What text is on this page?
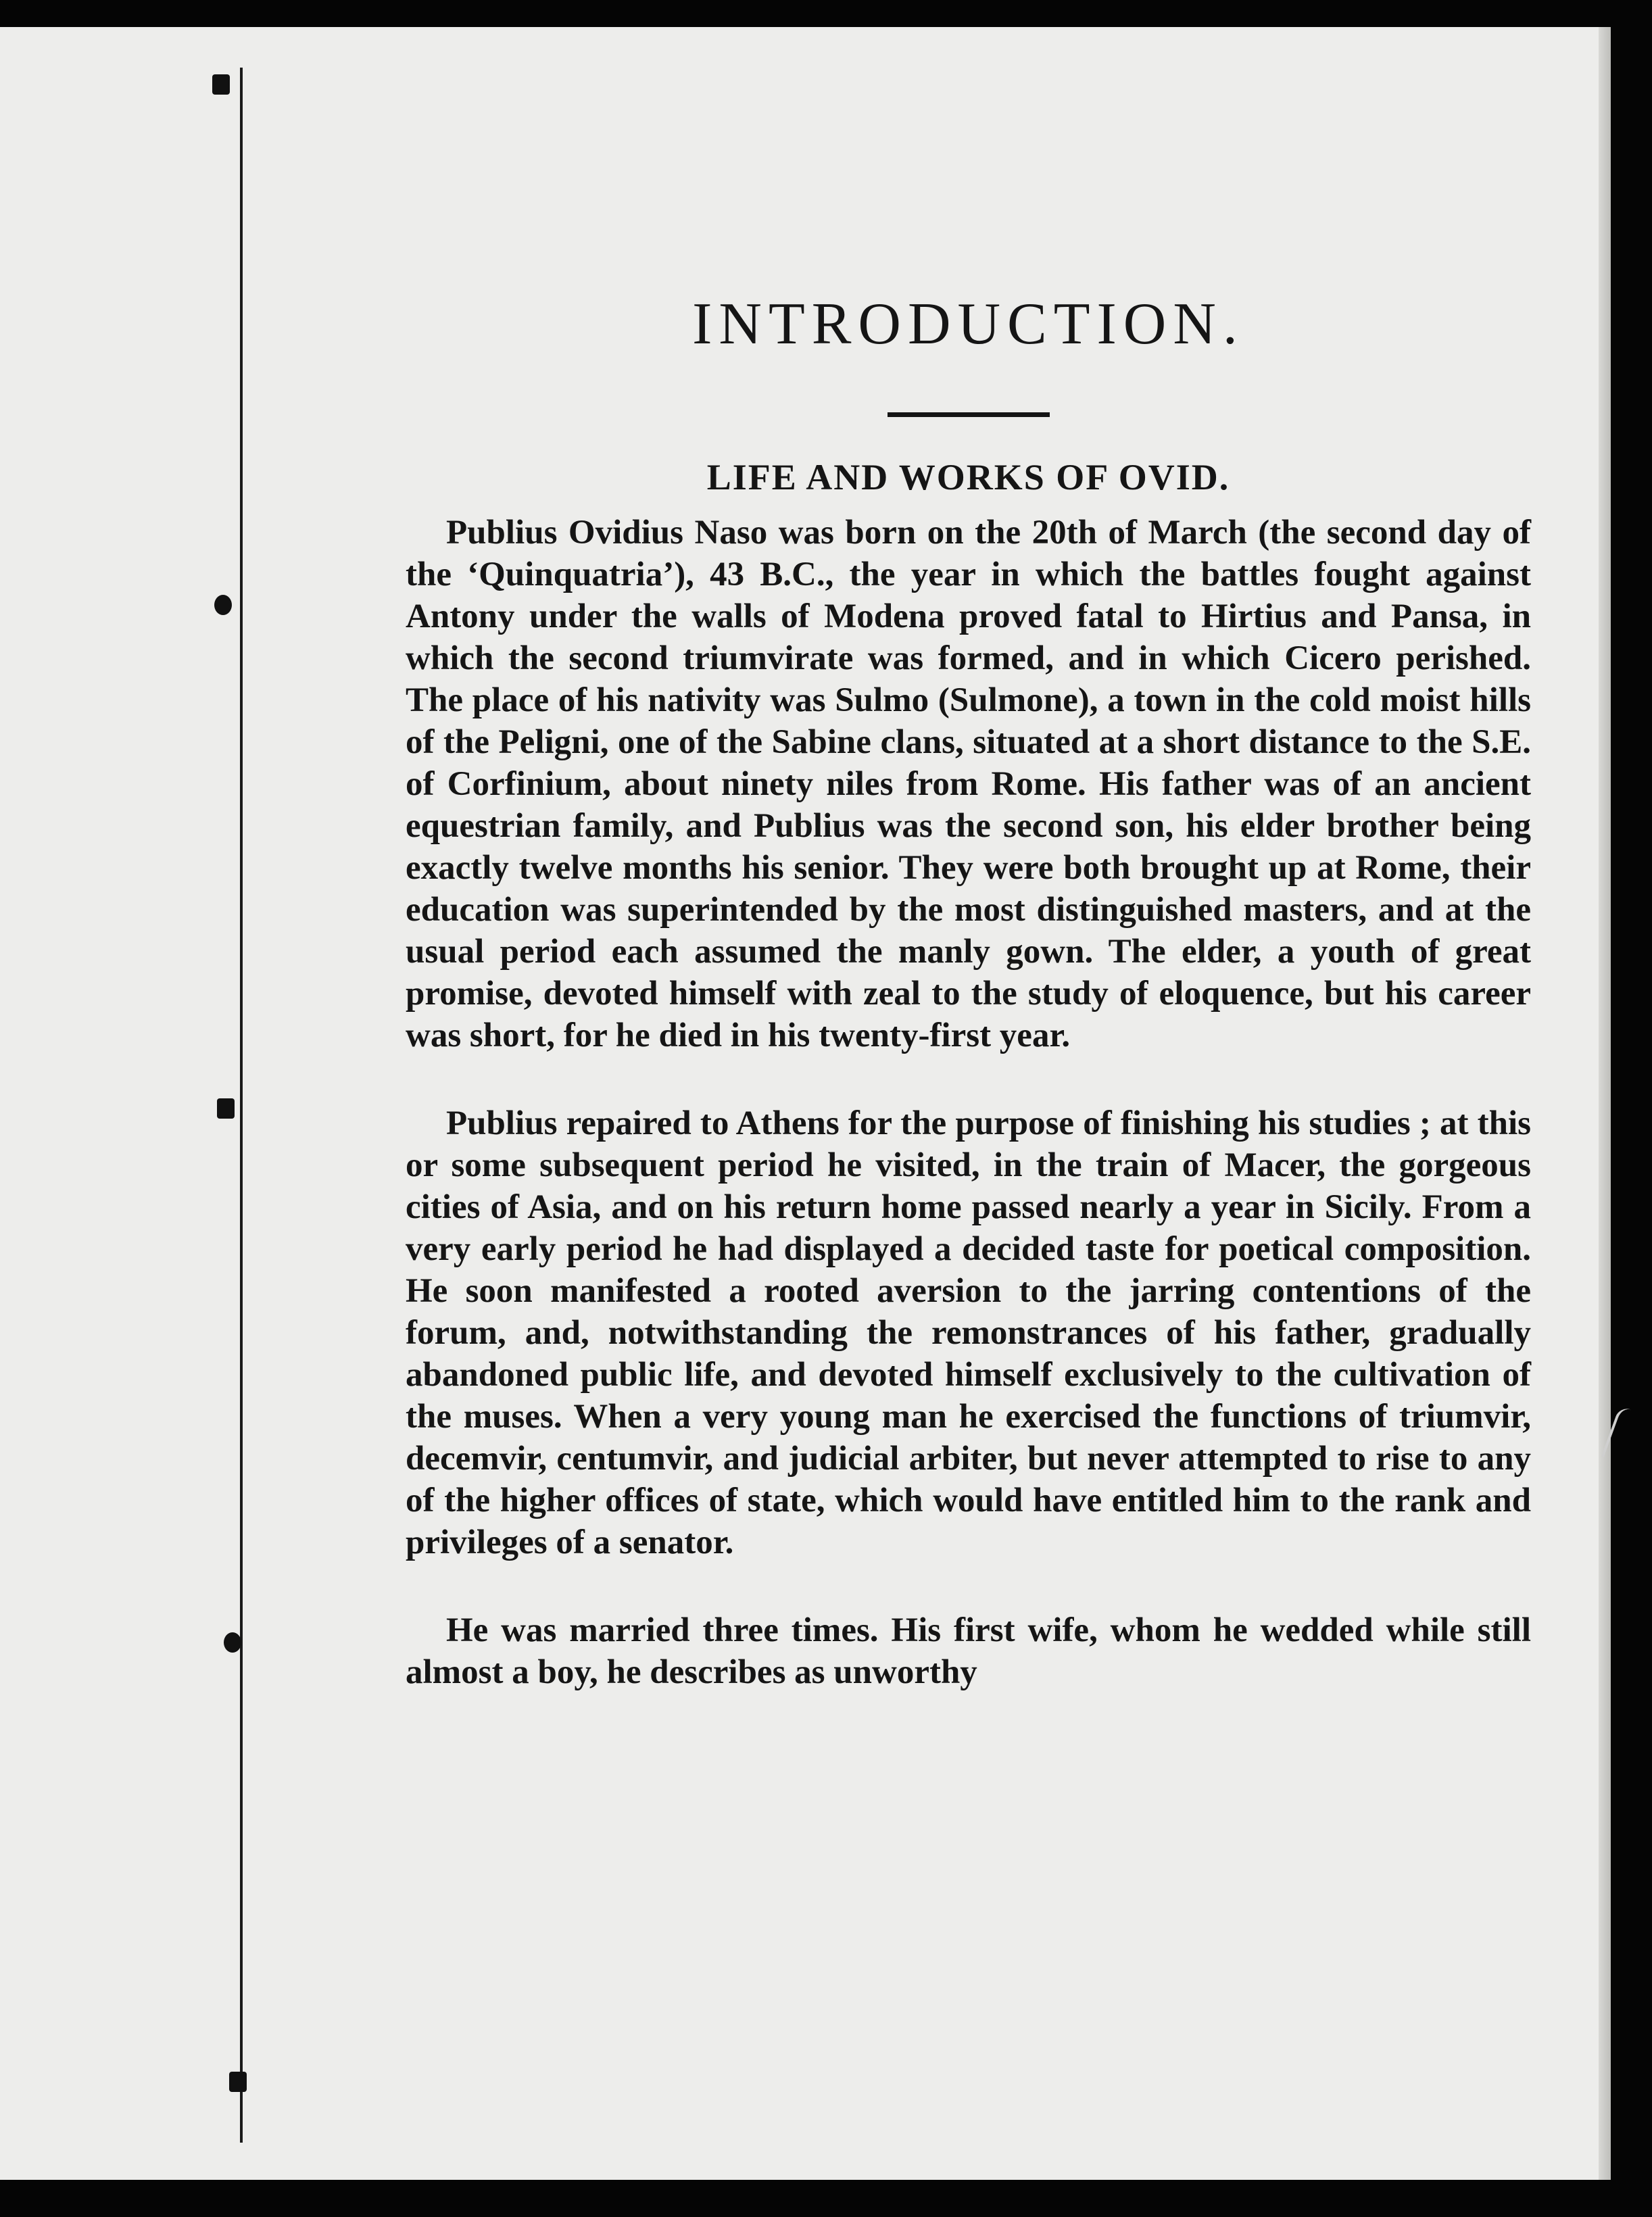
INTRODUCTION.
LIFE AND WORKS OF OVID.

Publius Ovidius Naso was born on the 20th of March (the second day of the ‘Quinquatria’), 43 B.C., the year in which the battles fought against Antony under the walls of Modena proved fatal to Hirtius and Pansa, in which the second triumvirate was formed, and in which Cicero perished. The place of his nativity was Sulmo (Sulmone), a town in the cold moist hills of the Peligni, one of the Sabine clans, situated at a short distance to the S.E. of Corfinium, about ninety niles from Rome. His father was of an ancient equestrian family, and Publius was the second son, his elder brother being exactly twelve months his senior. They were both brought up at Rome, their education was superintended by the most distinguished masters, and at the usual period each assumed the manly gown. The elder, a youth of great promise, devoted himself with zeal to the study of eloquence, but his career was short, for he died in his twenty-first year.

Publius repaired to Athens for the purpose of finishing his studies ; at this or some subsequent period he visited, in the train of Macer, the gorgeous cities of Asia, and on his return home passed nearly a year in Sicily. From a very early period he had displayed a decided taste for poetical composition. He soon manifested a rooted aversion to the jarring contentions of the forum, and, notwithstanding the remonstrances of his father, gradually abandoned public life, and devoted himself exclusively to the cultivation of the muses. When a very young man he exercised the functions of triumvir, decemvir, centumvir, and judicial arbiter, but never attempted to rise to any of the higher offices of state, which would have entitled him to the rank and privileges of a senator.

He was married three times. His first wife, whom he wedded while still almost a boy, he describes as unworthy
